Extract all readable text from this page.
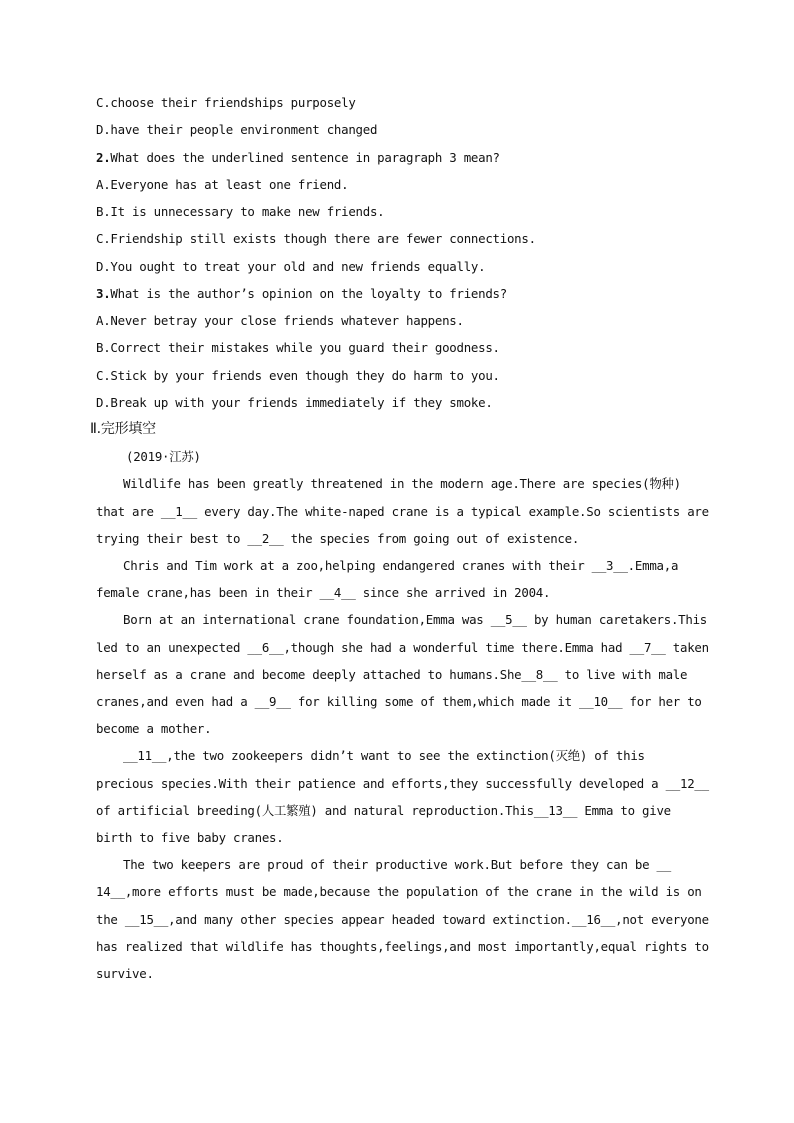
C.choose their friendships purposely
D.have their people environment changed
2.What does the underlined sentence in paragraph 3 mean?
A.Everyone has at least one friend.
B.It is unnecessary to make new friends.
C.Friendship still exists though there are fewer connections.
D.You ought to treat your old and new friends equally.
3.What is the author’s opinion on the loyalty to friends?
A.Never betray your close friends whatever happens.
B.Correct their mistakes while you guard their goodness.
C.Stick by your friends even though they do harm to you.
D.Break up with your friends immediately if they smoke.
Ⅱ.完形填空
(2019·江苏)
Wildlife has been greatly threatened in the modern age.There are species(物种)
that are __1__ every day.The white-naped crane is a typical example.So scientists are
trying their best to __2__ the species from going out of existence.
Chris and Tim work at a zoo,helping endangered cranes with their __3__.Emma,a
female crane,has been in their __4__ since she arrived in 2004.
Born at an international crane foundation,Emma was __5__ by human caretakers.This
led to an unexpected __6__,though she had a wonderful time there.Emma had __7__ taken
herself as a crane and become deeply attached to humans.She__8__ to live with male
cranes,and even had a __9__ for killing some of them,which made it __10__ for her to
become a mother.
__11__,the two zookeepers didn’t want to see the extinction(灭绝) of this
precious species.With their patience and efforts,they successfully developed a __12__
of artificial breeding(人工繁殖) and natural reproduction.This__13__ Emma to give
birth to five baby cranes.
The two keepers are proud of their productive work.But before they can be __
14__,more efforts must be made,because the population of the crane in the wild is on
the __15__,and many other species appear headed toward extinction.__16__,not everyone
has realized that wildlife has thoughts,feelings,and most importantly,equal rights to
survive.
